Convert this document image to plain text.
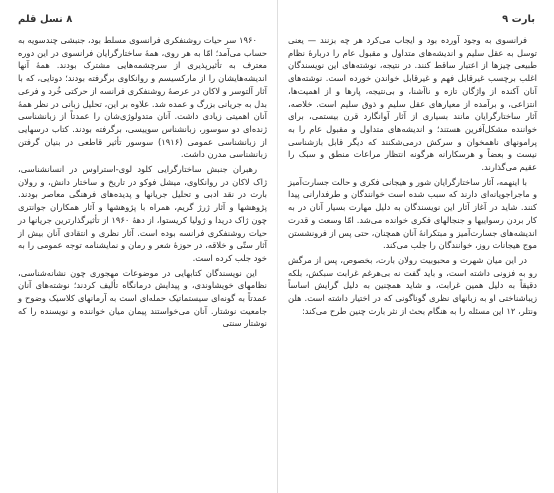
۸ نسل قلم

۱۹۶۰ سر حیات روشنفکری فرانسوی مسلط بود، جنبشی چندسویه به حساب می‌آمد؛ امّا به هر روی، همهٔ ساختارگرایان فرانسوی در این دوره معترف به تأثیرپذیری از سرچشمه‌هایی مشترک بودند. همهٔ آنها اندیشه‌هایشان را از مارکسیسم و روانکاوی برگرفته بودند؛ دوتایی، که با آثار آلتوسر و لاکان در عرصهٔ روشنفکری فرانسه از حرکتی خُرد و فرعی بدل به جریانی بزرگ و عمده شد. علاوه بر این، تحلیل زبانی در نظر همهٔ آنان اهمیتی زیادی داشت. آنان متدولوژی‌شان را عمدتاً از زبانشناسی ژنده‌ای دو سوسور، زبانشناس سوییسی، برگرفته بودند. کتاب درسهایی از زبانشناسی عمومی (۱۹۱۶) سوسور تأثیر قاطعی در بنیان گرفتن زبانشناسی مدرن داشت.

رهبران جنبش ساختارگرایی کلود لوی-استراوس در انسانشناسی، ژاک لاکان در روانکاوی، میشل فوکو در تاریخ و ساختار دانش، و رولان بارت در نقد ادبی و تحلیل جریانها و پدیده‌های فرهنگی معاصر بودند. پژوهشها و آثار ژرژ گریم، همراه با پژوهشها و آثار همکاران جوانتری چون ژاک دریدا و ژولیا کریستوا، از دههٔ ۱۹۶۰ از تأثیرگذارترین جریانها در حیات روشنفکری فرانسه بوده است. آثار نظری و انتقادی آنان بیش از آثار ستّی و خلاقه، در حوزهٔ شعر و رمان و نمایشنامه توجه عمومی را به خود جلب کرده است.

این نویسندگان کتابهایی در موضوعات مهجوری چون نشانه‌شناسی، نظامهای خویشاوندی، و پیدایش درمانگاه تألیف کردند؛ نوشته‌های آنان عمدتاً به گونه‌ای سیستماتیک حمله‌ای است به آرمانهای کلاسیک وضوح و جامعیت نوشتار. آنان می‌خواستند پیمان میان خواننده و نویسنده را که نوشتار سنتی

بارت ۹

فرانسوی به وجود آورده بود و ایجاب می‌کرد هر چه بزنند — یعنی توسل به عقل سلیم و اندیشه‌های متداول و مقبول عام را دربارهٔ نظام طبیعی چیزها از اعتبار ساقط کنند. در نتیجه، نوشته‌های این نویسندگان اغلب برچسب غیرقابل فهم و غیرقابل خواندن خورده است. نوشته‌های آنان آکنده از واژگان تازه و ناآشنا، و بی‌نتیجه، پارها و از اهمیت‌ها، انتزاعی، و برآمده از معیارهای عقل سلیم و ذوق سلیم است. خلاصه، آثار ساختارگرایان مانند بسیاری از آثار آوانگارد قرن بیستمی، برای خواننده مشکل‌آفرین هستند؛ و اندیشه‌های متداول و مقبول عام را به پرامونهای ناهمخوان و سرکش درمی‌شکنند که دیگر قابل بازشناسی نیست و بعضاً و هرسکارانه هرگونه انتظار مراعات منطق و سبک را عقیم می‌گذارند.

با اینهمه، آثار ساختارگرایان شور و هیجانی فکری و حالت جسارت‌آمیز و ماجراجویانه‌ای دارند که سبب شده است خوانندگان و طرفدارانی پیدا کنند. شاید در آغاز آثار این نویسندگان به دلیل مهارت بسیار آنان در به کار بردن رسواییها و جنجالهای فکری خوانده می‌شد. امّا وسعت و قدرت اندیشه‌های جسارت‌آمیز و مبتکرانهٔ آنان همچنان، حتی پس از فرونشستن موج هیجانات روز، خوانندگان را جلب می‌کند.

در این میان شهرت و محبوبیت رولان بارت، بخصوص، پس از مرگش رو به فزونی داشته است، و باید گفت نه بی‌هرغم غرابت سبکش، بلکه دقیقاً به دلیل همین غرابت، و شاید همچنین به دلیل گرایش اساساً زیباشناختی او به زبانهای نظری گوناگونی که در اختیار داشته است. هلن ونتلر، ۱۲ این مسئله را به هنگام بحث از نثر بارت چنین طرح می‌کند:
